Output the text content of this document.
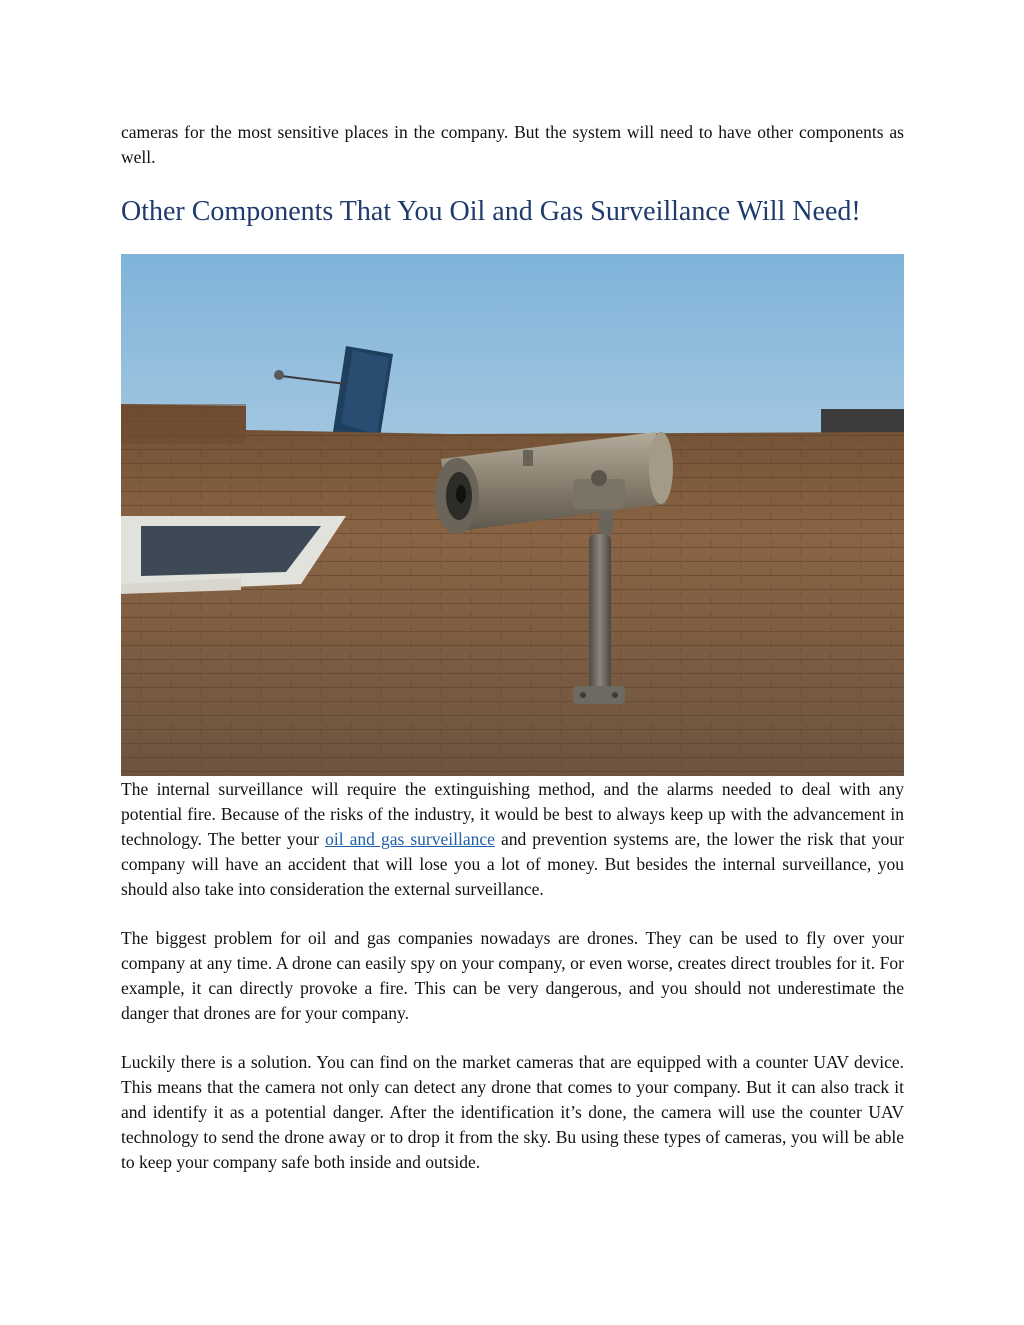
cameras for the most sensitive places in the company. But the system will need to have other components as well.

Other Components That You Oil and Gas Surveillance Will Need!

The internal surveillance will require the extinguishing method, and the alarms needed to deal with any potential fire. Because of the risks of the industry, it would be best to always keep up with the advancement in technology. The better your oil and gas surveillance and prevention systems are, the lower the risk that your company will have an accident that will lose you a lot of money. But besides the internal surveillance, you should also take into consideration the external surveillance.

The biggest problem for oil and gas companies nowadays are drones. They can be used to fly over your company at any time. A drone can easily spy on your company, or even worse, creates direct troubles for it. For example, it can directly provoke a fire. This can be very dangerous, and you should not underestimate the danger that drones are for your company.

Luckily there is a solution. You can find on the market cameras that are equipped with a counter UAV device. This means that the camera not only can detect any drone that comes to your company. But it can also track it and identify it as a potential danger. After the identification it’s done, the camera will use the counter UAV technology to send the drone away or to drop it from the sky. Bu using these types of cameras, you will be able to keep your company safe both inside and outside.
